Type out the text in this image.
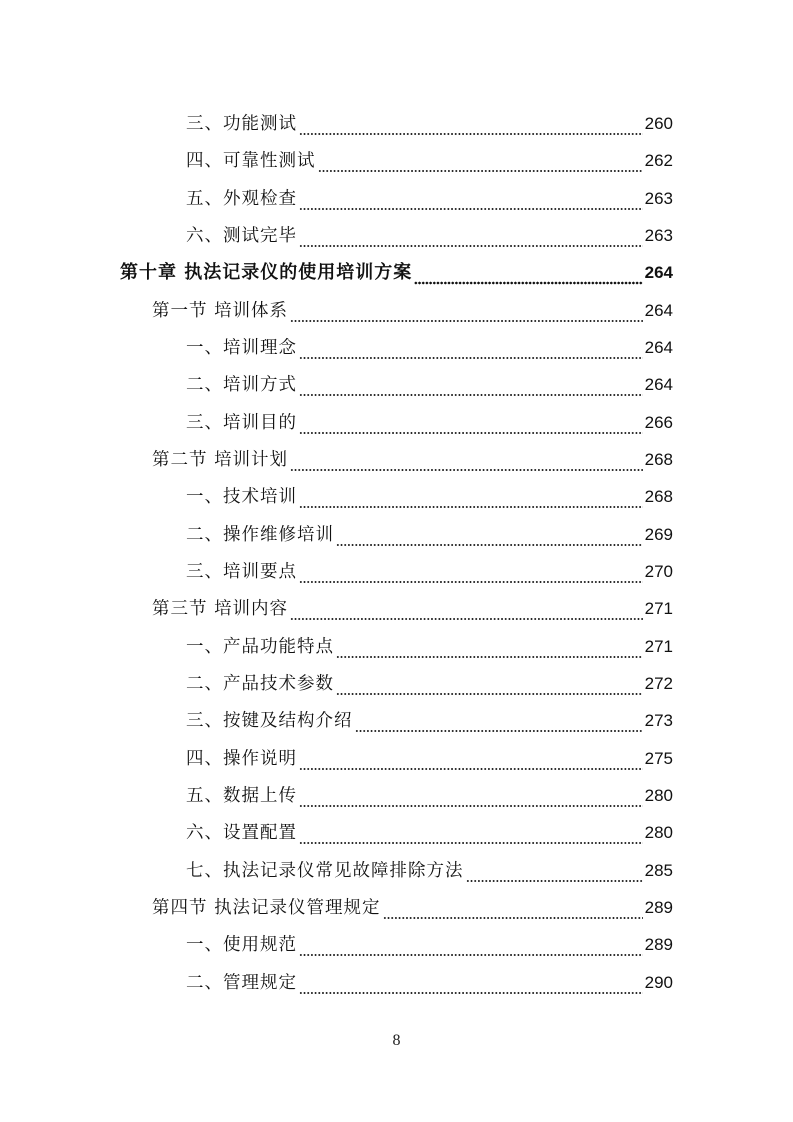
三、功能测试	260
四、可靠性测试	262
五、外观检查	263
六、测试完毕	263
第十章 执法记录仪的使用培训方案	264
第一节 培训体系	264
一、培训理念	264
二、培训方式	264
三、培训目的	266
第二节 培训计划	268
一、技术培训	268
二、操作维修培训	269
三、培训要点	270
第三节 培训内容	271
一、产品功能特点	271
二、产品技术参数	272
三、按键及结构介绍	273
四、操作说明	275
五、数据上传	280
六、设置配置	280
七、执法记录仪常见故障排除方法	285
第四节 执法记录仪管理规定	289
一、使用规范	289
二、管理规定	290
8
